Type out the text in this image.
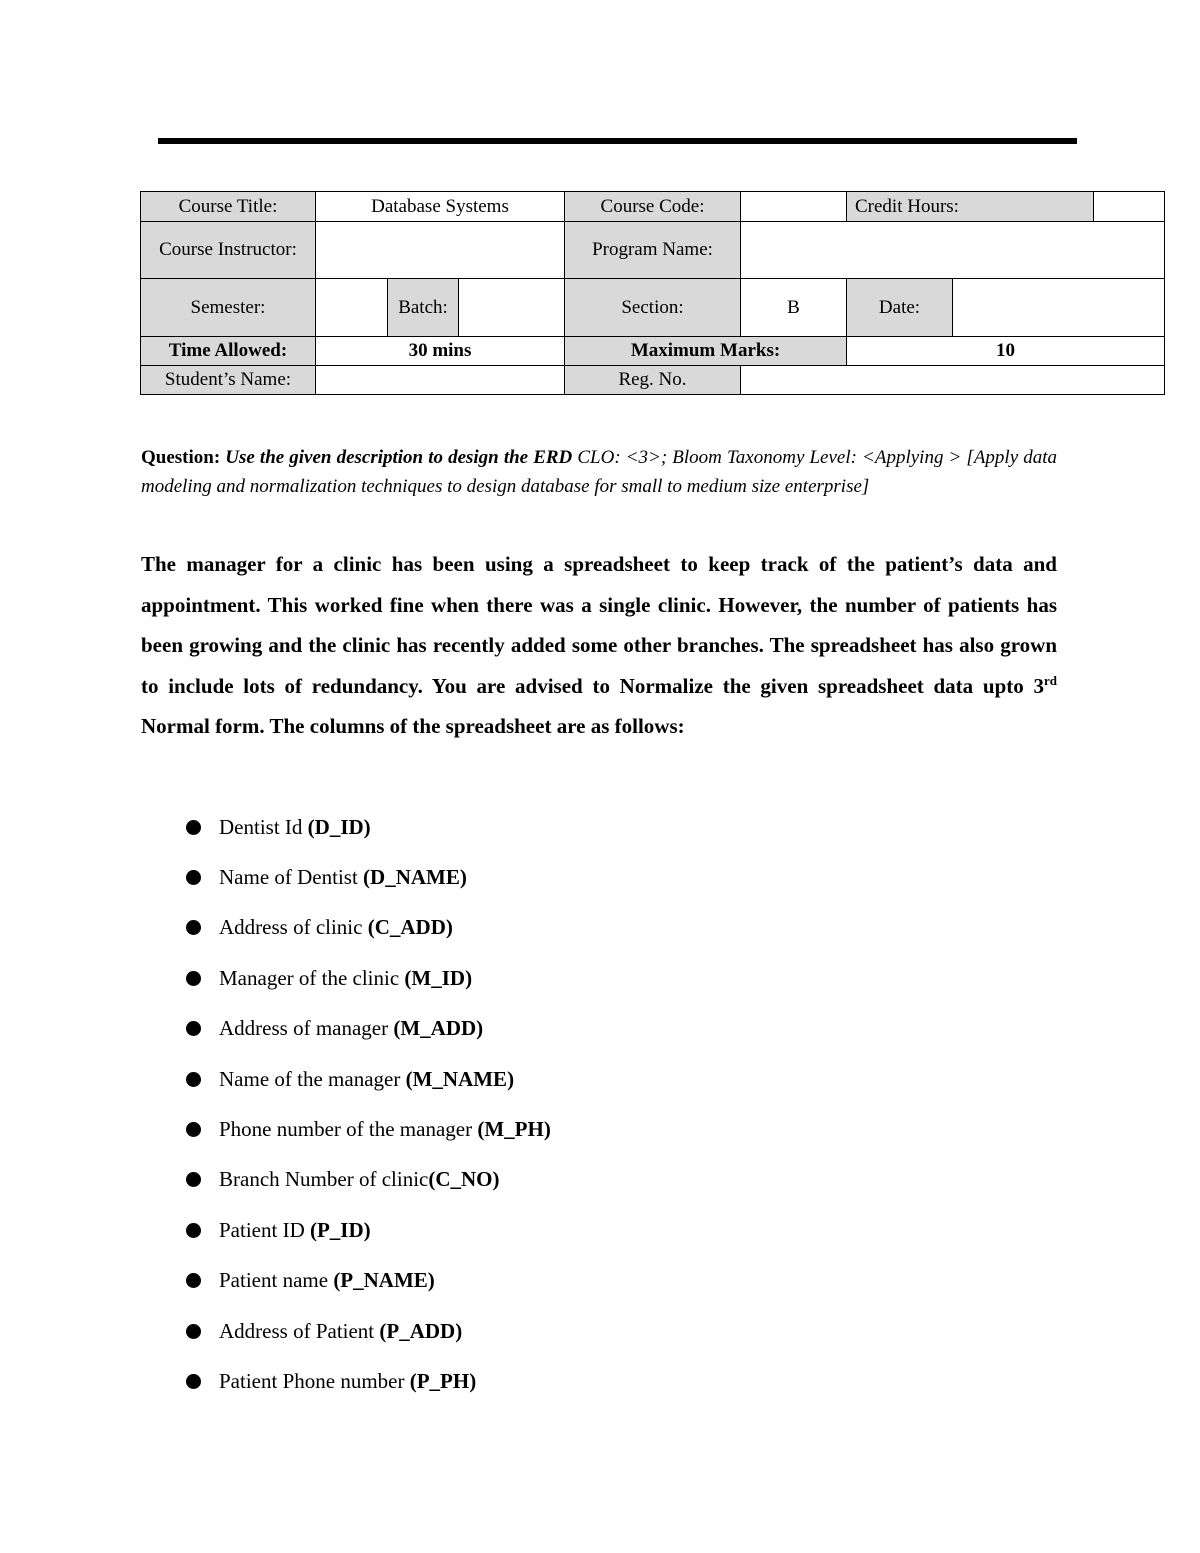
Course Title:	Database Systems			Course Code:		Credit Hours:		
Course Instructor:				Program Name:				
Semester:		Batch:		Section:	B	Date:		
Time Allowed:	30 mins			Maximum Marks:		10		
Student’s Name:				Reg. No.				
Question: Use the given description to design the ERD CLO: <3>; Bloom Taxonomy Level: <Applying > [Apply data modeling and normalization techniques to design database for small to medium size enterprise]
The manager for a clinic has been using a spreadsheet to keep track of the patient’s data and appointment. This worked fine when there was a single clinic. However, the number of patients has been growing and the clinic has recently added some other branches. The spreadsheet has also grown to include lots of redundancy. You are advised to Normalize the given spreadsheet data upto 3rd Normal form. The columns of the spreadsheet are as follows:
Dentist Id (D_ID)
Name of Dentist (D_NAME)
Address of clinic (C_ADD)
Manager of the clinic (M_ID)
Address of manager (M_ADD)
Name of the manager (M_NAME)
Phone number of the manager (M_PH)
Branch Number of clinic (C_NO)
Patient ID (P_ID)
Patient name (P_NAME)
Address of Patient (P_ADD)
Patient Phone number (P_PH)
